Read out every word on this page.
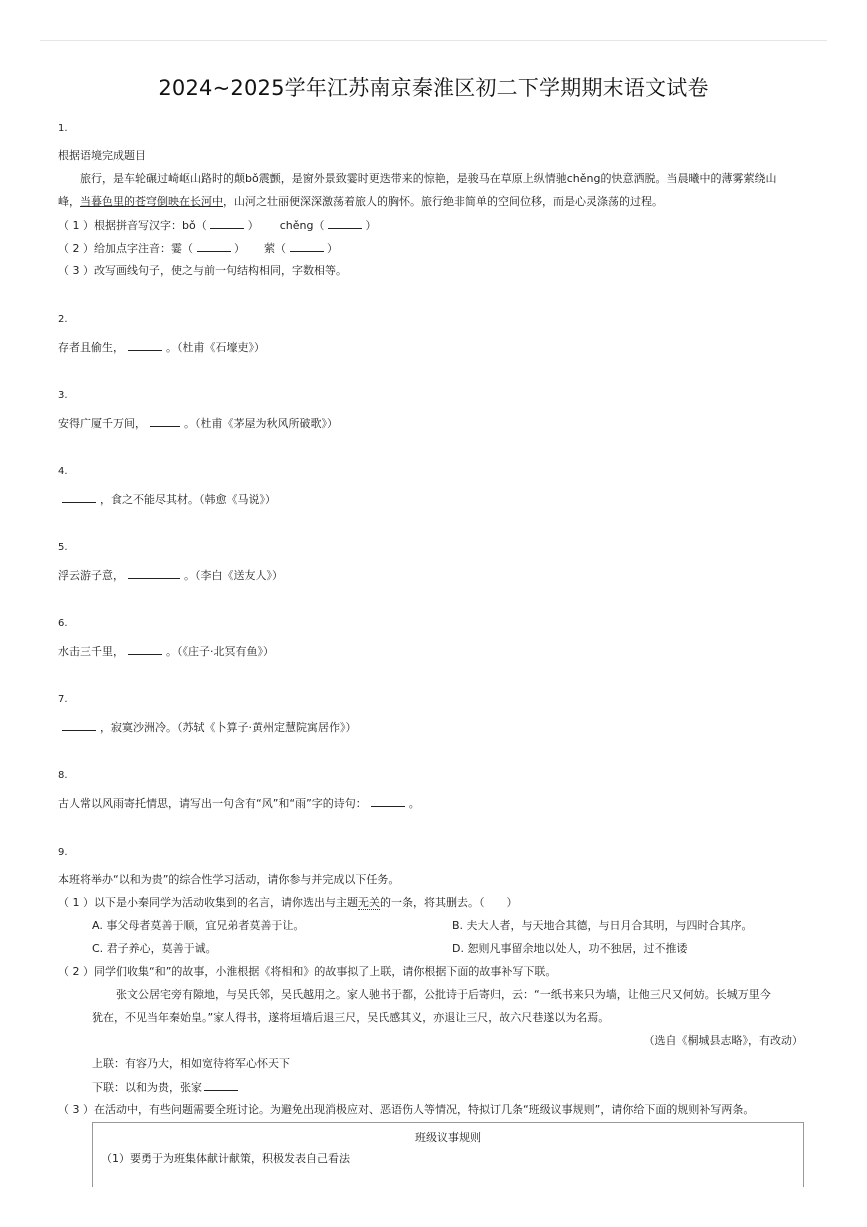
2024~2025学年江苏南京秦淮区初二下学期期末语文试卷
1.
根据语境完成题目
旅行，是车轮碾过崎岖山路时的颠bǒ震颤，是窗外景致霎时更迭带来的惊艳，是骏马在草原上纵情驰chěng的快意洒脱。当晨曦中的薄雾萦绕山
峰，当暮色里的苍穹倒映在长河中，山河之壮丽便深深激荡着旅人的胸怀。旅行绝非简单的空间位移，而是心灵涤荡的过程。
（ 1 ）根据拼音写汉字：bǒ（	） chěng（	）
（ 2 ）给加点字注音：霎（	） 萦（	）
（ 3 ）改写画线句子，使之与前一句结构相同，字数相等。
2.
存者且偷生，	。（杜甫《石壕吏》）
3.
安得广厦千万间，	。（杜甫《茅屋为秋风所破歌》）
4.
，食之不能尽其材。（韩愈《马说》）
5.
浮云游子意，	。（李白《送友人》）
6.
水击三千里，	。（《庄子·北冥有鱼》）
7.
，寂寞沙洲冷。（苏轼《卜算子·黄州定慧院寓居作》）
8.
古人常以风雨寄托情思，请写出一句含有“风”和“雨”字的诗句：	。
9.
本班将举办“以和为贵”的综合性学习活动，请你参与并完成以下任务。
（ 1 ）以下是小秦同学为活动收集到的名言，请你选出与主题无关的一条，将其删去。（　　）
A. 事父母者莫善于顺，宜兄弟者莫善于让。	B. 夫大人者，与天地合其德，与日月合其明，与四时合其序。
C. 君子养心，莫善于诚。	D. 恕则凡事留余地以处人，功不独居，过不推诿
（ 2 ）同学们收集“和”的故事，小淮根据《将相和》的故事拟了上联，请你根据下面的故事补写下联。
张文公居宅旁有隙地，与吴氏邻，吴氏越用之。家人驰书于都，公批诗于后寄归，云：“一纸书来只为墙，让他三尺又何妨。长城万里今
犹在，不见当年秦始皇。”家人得书，遂将垣墙后退三尺，吴氏感其义，亦退让三尺，故六尺巷遂以为名焉。
（选自《桐城县志略》，有改动）
上联：有容乃大，相如宽待将军心怀天下
下联：以和为贵，张家
（ 3 ）在活动中，有些问题需要全班讨论。为避免出现消极应对、恶语伤人等情况，特拟订几条“班级议事规则”，请你给下面的规则补写两条。
班级议事规则
（1）要勇于为班集体献计献策，积极发表自己看法
